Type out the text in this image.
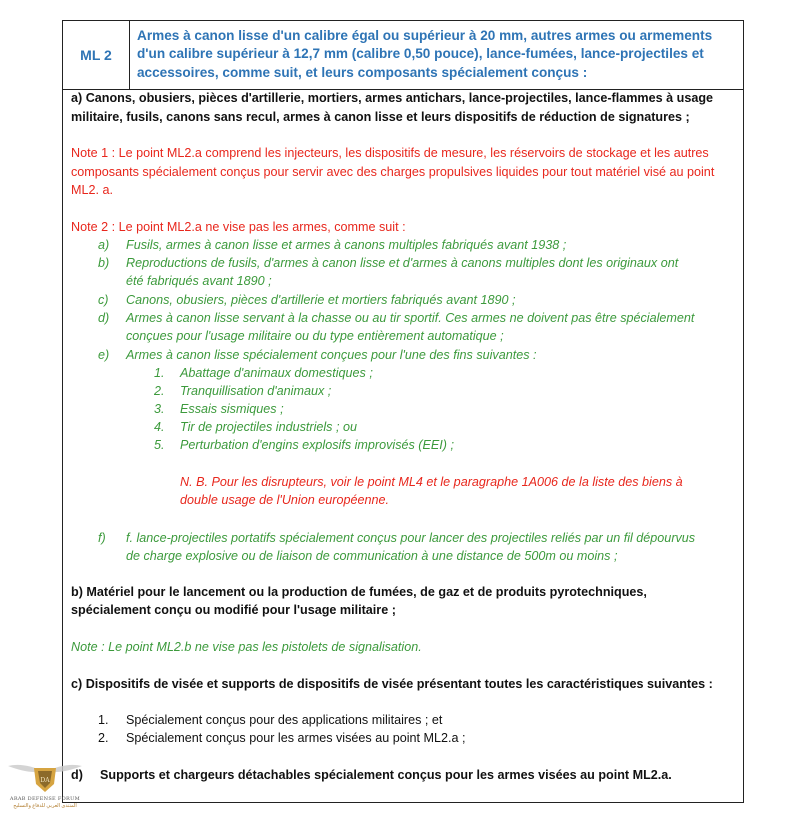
ML 2
Armes à canon lisse d'un calibre égal ou supérieur à 20 mm, autres armes ou armements d'un calibre supérieur à 12,7 mm (calibre 0,50 pouce), lance-fumées, lance-projectiles et accessoires, comme suit, et leurs composants spécialement conçus :
a) Canons, obusiers, pièces d'artillerie, mortiers, armes antichars, lance-projectiles, lance-flammes à usage militaire, fusils, canons sans recul, armes à canon lisse et leurs dispositifs de réduction de signatures ;
Note 1 : Le point ML2.a comprend les injecteurs, les dispositifs de mesure, les réservoirs de stockage et les autres composants spécialement conçus pour servir avec des charges propulsives liquides pour tout matériel visé au point ML2. a.
Note 2 : Le point ML2.a ne vise pas les armes, comme suit :
a) Fusils, armes à canon lisse et armes à canons multiples fabriqués avant 1938 ;
b) Reproductions de fusils, d'armes à canon lisse et d'armes à canons multiples dont les originaux ont
été fabriqués avant 1890 ;
c) Canons, obusiers, pièces d'artillerie et mortiers fabriqués avant 1890 ;
d) Armes à canon lisse servant à la chasse ou au tir sportif. Ces armes ne doivent pas être spécialement
conçues pour l'usage militaire ou du type entièrement automatique ;
e) Armes à canon lisse spécialement conçues pour l'une des fins suivantes :
1. Abattage d'animaux domestiques ;
2. Tranquillisation d'animaux ;
3. Essais sismiques ;
4. Tir de projectiles industriels ; ou
5. Perturbation d'engins explosifs improvisés (EEI) ;
N. B. Pour les disrupteurs, voir le point ML4 et le paragraphe 1A006 de la liste des biens à
double usage de l'Union européenne.
f) f. lance-projectiles portatifs spécialement conçus pour lancer des projectiles reliés par un fil dépourvus
de charge explosive ou de liaison de communication à une distance de 500m ou moins ;
b) Matériel pour le lancement ou la production de fumées, de gaz et de produits pyrotechniques,
spécialement conçu ou modifié pour l'usage militaire ;
Note : Le point ML2.b ne vise pas les pistolets de signalisation.
c) Dispositifs de visée et supports de dispositifs de visée présentant toutes les caractéristiques suivantes :
1. Spécialement conçus pour des applications militaires ; et
2. Spécialement conçus pour les armes visées au point ML2.a ;
d) Supports et chargeurs détachables spécialement conçus pour les armes visées au point ML2.a.
DA
ARAB DEFENSE FORUM
المنتدى العربي للدفاع والتسليح
